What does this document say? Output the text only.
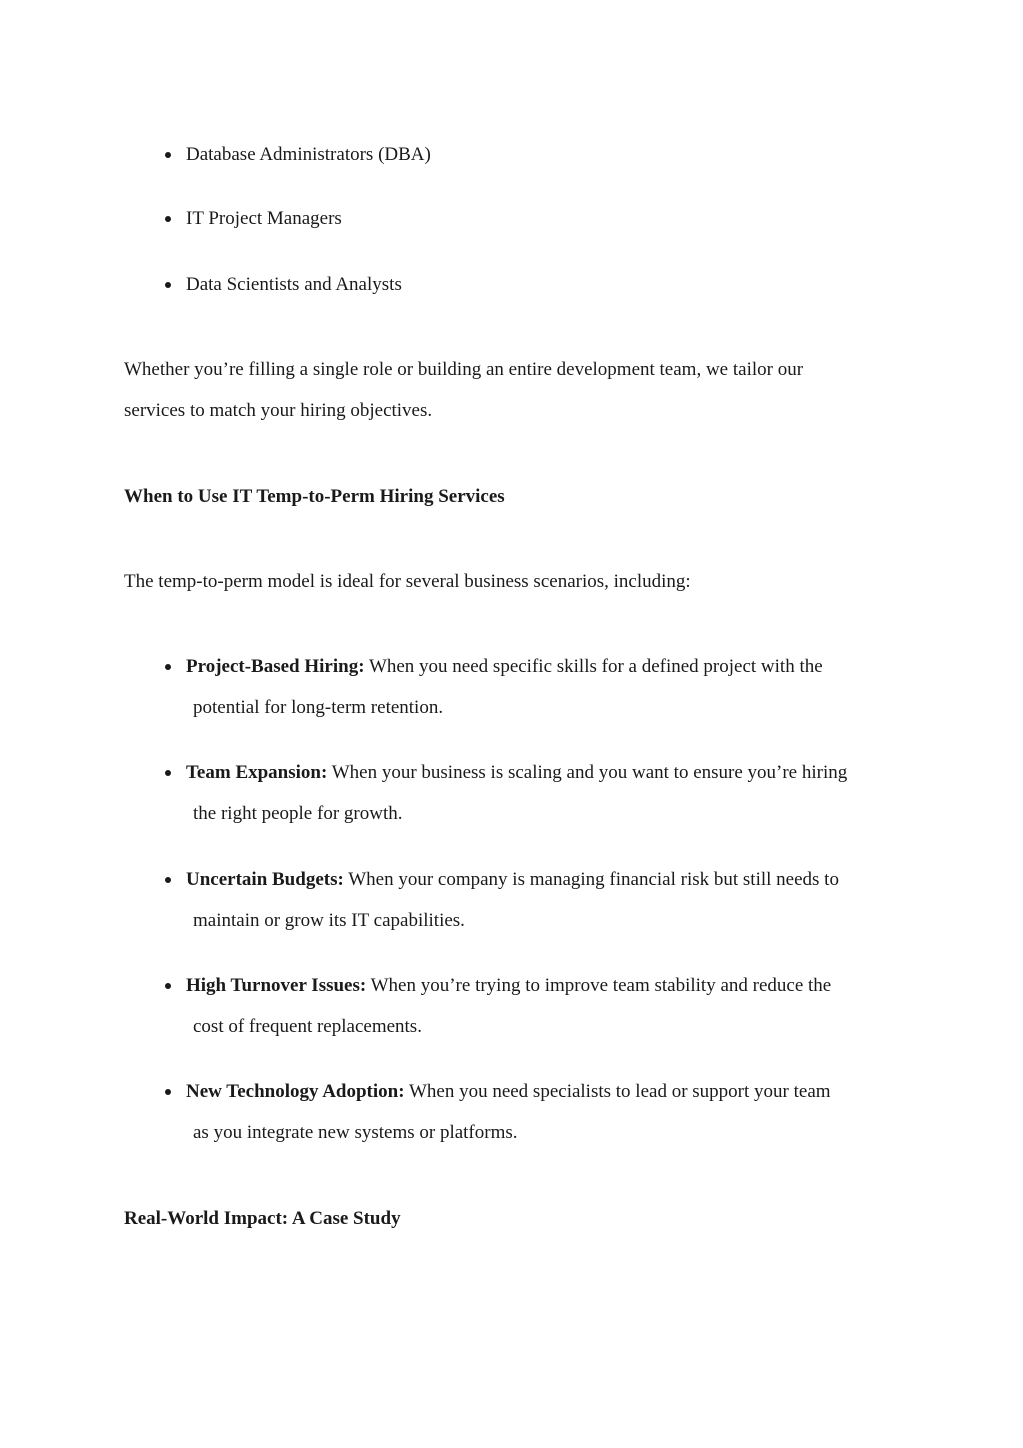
Database Administrators (DBA)
IT Project Managers
Data Scientists and Analysts
Whether you’re filling a single role or building an entire development team, we tailor our
services to match your hiring objectives.
When to Use IT Temp-to-Perm Hiring Services
The temp-to-perm model is ideal for several business scenarios, including:
Project-Based Hiring: When you need specific skills for a defined project with the
potential for long-term retention.
Team Expansion: When your business is scaling and you want to ensure you’re hiring
the right people for growth.
Uncertain Budgets: When your company is managing financial risk but still needs to
maintain or grow its IT capabilities.
High Turnover Issues: When you’re trying to improve team stability and reduce the
cost of frequent replacements.
New Technology Adoption: When you need specialists to lead or support your team
as you integrate new systems or platforms.
Real-World Impact: A Case Study
